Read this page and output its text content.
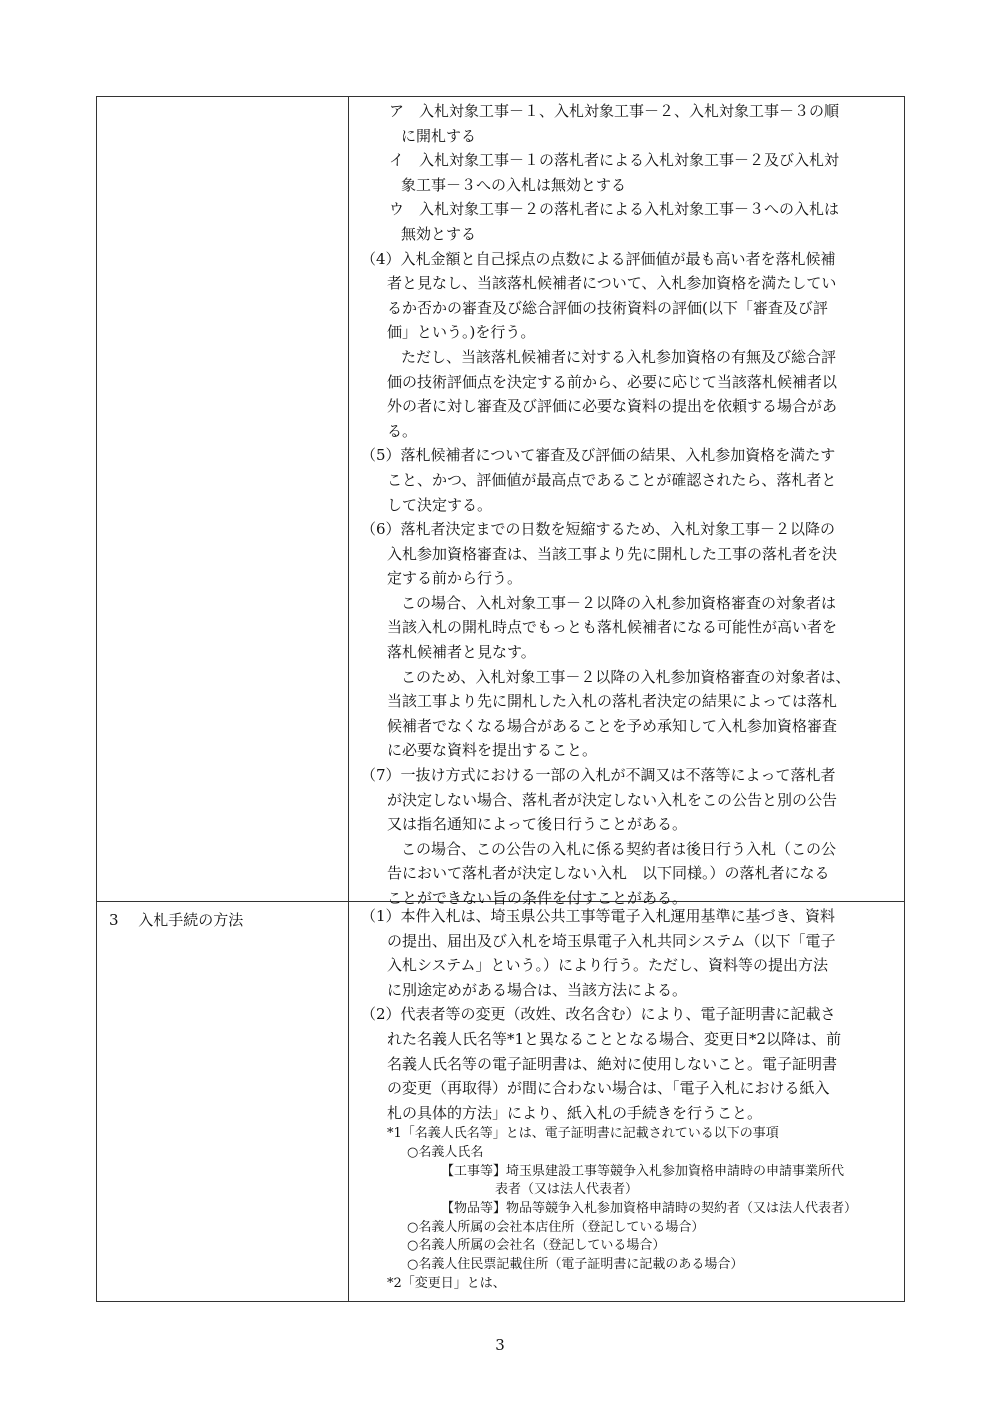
ア　入札対象工事－１、入札対象工事－２、入札対象工事－３の順
に開札する
イ　入札対象工事－１の落札者による入札対象工事－２及び入札対
象工事－３への入札は無効とする
ウ　入札対象工事－２の落札者による入札対象工事－３への入札は
無効とする
（4）入札金額と自己採点の点数による評価値が最も高い者を落札候補
者と見なし、当該落札候補者について、入札参加資格を満たしてい
るか否かの審査及び総合評価の技術資料の評価(以下「審査及び評
価」という。)を行う。
ただし、当該落札候補者に対する入札参加資格の有無及び総合評
価の技術評価点を決定する前から、必要に応じて当該落札候補者以
外の者に対し審査及び評価に必要な資料の提出を依頼する場合があ
る。
（5）落札候補者について審査及び評価の結果、入札参加資格を満たす
こと、かつ、評価値が最高点であることが確認されたら、落札者と
して決定する。
（6）落札者決定までの日数を短縮するため、入札対象工事－２以降の
入札参加資格審査は、当該工事より先に開札した工事の落札者を決
定する前から行う。
この場合、入札対象工事－２以降の入札参加資格審査の対象者は
当該入札の開札時点でもっとも落札候補者になる可能性が高い者を
落札候補者と見なす。
このため、入札対象工事－２以降の入札参加資格審査の対象者は、
当該工事より先に開札した入札の落札者決定の結果によっては落札
候補者でなくなる場合があることを予め承知して入札参加資格審査
に必要な資料を提出すること。
（7）一抜け方式における一部の入札が不調又は不落等によって落札者
が決定しない場合、落札者が決定しない入札をこの公告と別の公告
又は指名通知によって後日行うことがある。
この場合、この公告の入札に係る契約者は後日行う入札（この公
告において落札者が決定しない入札　以下同様。）の落札者になる
ことができない旨の条件を付すことがある。
3　 入札手続の方法	（1）本件入札は、埼玉県公共工事等電子入札運用基準に基づき、資料
の提出、届出及び入札を埼玉県電子入札共同システム（以下「電子
入札システム」という。）により行う。ただし、資料等の提出方法
に別途定めがある場合は、当該方法による。
（2）代表者等の変更（改姓、改名含む）により、電子証明書に記載さ
れた名義人氏名等*1と異なることとなる場合、変更日*2以降は、前
名義人氏名等の電子証明書は、絶対に使用しないこと。電子証明書
の変更（再取得）が間に合わない場合は、「電子入札における紙入
札の具体的方法」により、紙入札の手続きを行うこと。
*1「名義人氏名等」とは、電子証明書に記載されている以下の事項
○名義人氏名
【工事等】埼玉県建設工事等競争入札参加資格申請時の申請事業所代
表者（又は法人代表者）
【物品等】物品等競争入札参加資格申請時の契約者（又は法人代表者）
○名義人所属の会社本店住所（登記している場合）
○名義人所属の会社名（登記している場合）
○名義人住民票記載住所（電子証明書に記載のある場合）
*2「変更日」とは、
3
